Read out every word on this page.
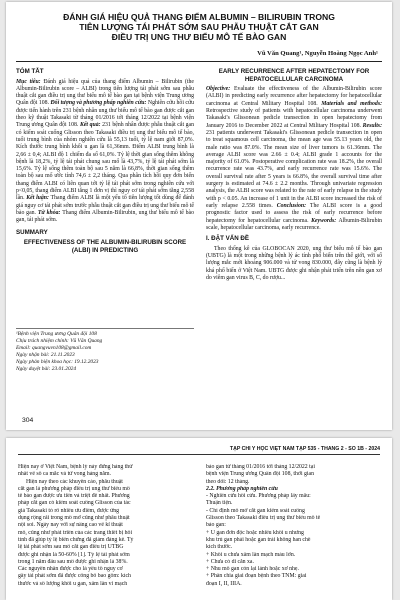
ĐÁNH GIÁ HIỆU QUẢ THANG ĐIỂM ALBUMIN – BILIRUBIN TRONG
TIÊN LƯỢNG TÁI PHÁT SỚM SAU PHẪU THUẬT CẮT GAN
ĐIỀU TRỊ UNG THƯ BIỂU MÔ TẾ BÀO GAN
Vũ Văn Quang¹, Nguyễn Hoàng Ngọc Anh¹
TÓM TẮT

Mục tiêu: Đánh giá hiệu quả của thang điểm Albumin – Bilirubin (the Albumin-Bilirubin score – ALBI) trong tiên lượng tái phát sớm sau phẫu thuật cắt gan điều trị ung thư biểu mô tế bào gan tại bệnh viện Trung ương Quân đội 108. Đối tượng và phương pháp nghiên cứu: Nghiên cứu hồi cứu được tiến hành trên 231 bệnh nhân ung thư biểu mô tế bào gan được cắt gan theo kỹ thuật Takasaki từ tháng 01/2016 tới tháng 12/2022 tại bệnh viện Trung ương Quân đội 108. Kết quả: 231 bệnh nhân được phẫu thuật cắt gan có kiểm soát cuống Glisson theo Takasaki điều trị ung thư biểu mô tế bào, tuổi trung bình của nhóm nghiên cứu là 55,13 tuổi, tỷ lệ nam giới 87,0%. Kích thước trung bình khối u gan là 61,36mm. Điểm ALBI trung bình là 2,66 ± 0,4; ALBI độ 1 chiếm đa số 61,0%. Tỷ lệ thời gian sống thêm không bệnh là 18,2%, tỷ lệ tái phát chung sau mổ là 43,7%, tỷ lệ tái phát sớm là 15,6%. Tỷ lệ sống thêm toàn bộ sau 5 năm là 66,8%, thời gian sống thêm toàn bộ sau mổ ước tính 74,6 ± 2,2 tháng. Qua phân tích hồi quy đơn biến thang điểm ALBI có liên quan tới tỷ lệ tái phát sớm trong nghiên cứu với p<0,05, thang điểm ALBI tăng 1 đơn vị thì nguy cơ tái phát sớm tăng 2,558 lần. Kết luận: Thang điểm ALBI là một yếu tố tiên lượng tốt dùng để đánh giá nguy cơ tái phát sớm trước phẫu thuật cắt gan điều trị ung thư biểu mô tế bào gan. Từ khóa: Thang điểm Albumin-Bilirubin, ung thư biểu mô tế bào gan, tái phát sớm.

SUMMARY
EFFECTIVENESS OF THE ALBUMIN-BILIRUBIN SCORE (ALBI) IN PREDICTING
¹Bệnh viện Trung ương Quân đội 108
Chịu trách nhiệm chính: Vũ Văn Quang
Email: quangvuvn108@gmail.com
Ngày nhận bài: 21.11.2023
Ngày phản biện khoa học: 19.12.2023
Ngày duyệt bài: 23.01.2024
EARLY RECURRENCE AFTER HEPATECTOMY FOR HEPATOCELLULAR CARCINOMA

Objective: Evaluate the effectiveness of the Albumin-Bilirubin score (ALBI) in predicting early recurrence after hepatectomy for hepatocellular carcinoma at Central Military Hospital 108. Materials and methods: Retrospective study of patients with hepatocellular carcinoma underwent Takasaki's Glissonean pedicle transection in open hepatectomy from January 2016 to December 2022 at Central Military Hospital 108. Results: 231 patients underwent Takasaki's Glissonean pedicle transection in open to treat squamous cell carcinoma, the mean age was 55.13 years old, the male ratio was 87.0%. The mean size of liver tumors is 61.36mm. The average ALBI score was 2.66 ± 0.4; ALBI grade 1 accounts for the majority of 61.0%. Postoperative complication rate was 18.2%, the overall recurrence rate was 43.7%, and early recurrence rate was 15.6%. The overall survival rate after 5 years is 66.8%, the overall survival time after surgery is estimated at 74.6 ± 2.2 months. Through univariate regression analysis, the ALBI score was related to the rate of early relapse in the study with p < 0.05. An increase of 1 unit in the ALBI score increased the risk of early relapse 2.558 times. Conclusion: The ALBI score is a good prognostic factor used to assess the risk of early recurrence before hepatectomy for hepatocellular carcinoma. Keywords: Albumin-Bilirubin scale, hepatocellular carcinoma, early recurrence.

I. ĐẶT VẤN ĐỀ

Theo thống kê của GLOBOCAN 2020, ung thư biểu mô tế bào gan (UBTG) là một trong những bệnh lý ác tính phổ biến trên thế giới, với số lượng mắc mới khoảng 906.000 và tử vong 830.000, đây cũng là bệnh lý khá phổ biến ở Việt Nam. UBTG được ghi nhận phát triển trên nền gan xơ do viêm gan virus B, C, do rượu...

304
TẠP CHÍ Y HỌC VIỆT NAM TẬP 535 - THÁNG 2 - SỐ 1B - 2024
Hiện nay ở Việt Nam, bệnh lý này đứng hàng thứ
nhất về số ca mắc và tử vong hàng năm.
Hiện nay theo các khuyến cáo, phẫu thuật
cắt gan là phương pháp điều trị ung thư biểu mô
tế bào gan được ưu tiên và triệt để nhất. Phương
pháp cắt gan có kiểm soát cuống Glisson của tác
giả Takasaki tỏ rõ nhiều ưu điểm, được ứng
dụng rộng rãi trong mổ mở cũng như phẫu thuật
nội soi. Ngày nay với sự nâng cao về kĩ thuật
mổ, cũng như phát triển của các trang thiết bị hồi
tỉnh đã giúp tỷ lệ biến chứng đã giảm đáng kể. Tỷ
lệ tái phát sớm sau mổ cắt gan điều trị UTBG
được ghi nhận là 50-60% [1]. Tỷ lệ tái phát sớm
trong 1 năm đầu sau mổ được ghi nhận là 38%.
Các nguyên nhân được cho là yếu tố nguy cơ
gây tái phát sớm đã được công bố bao gồm: kích
thước và số lượng khối u gan, xâm lấn vi mạch
bào gan từ tháng 01/2016 tới tháng 12/2022 tại
bệnh viện Trung ương Quân đội 108, thời gian
theo dõi: 12 tháng.
2.2. Phương pháp nghiên cứu
- Nghiên cứu hồi cứu. Phương pháp lấy mẫu:
Thuận tiện.
- Chỉ định mổ mở cắt gan kiểm soát cuống
Glisson theo Takasaki điều trị ung thư biểu mô tế
bào gan:
+ U gan đơn độc hoặc nhiều khối u nhưng
khu trú gan phải hoặc gan trái không han chế
kích thước.
+ Khối u chưa xâm lấn mạch máu lớn.
+ Chưa có di căn xa.
+ Nhu mô gan còn lại lành hoặc xơ nhẹ.
+ Phân chia giai đoạn bệnh theo TNM: giai
đoạn I, II, IIIA.
